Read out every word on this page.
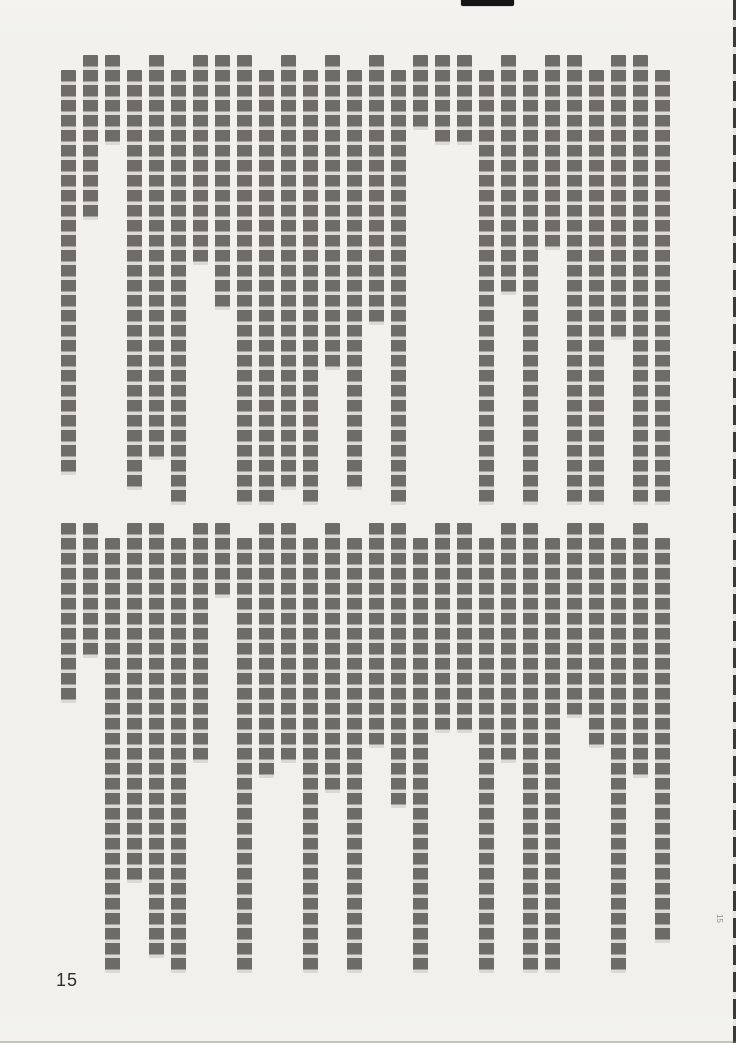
15
15
